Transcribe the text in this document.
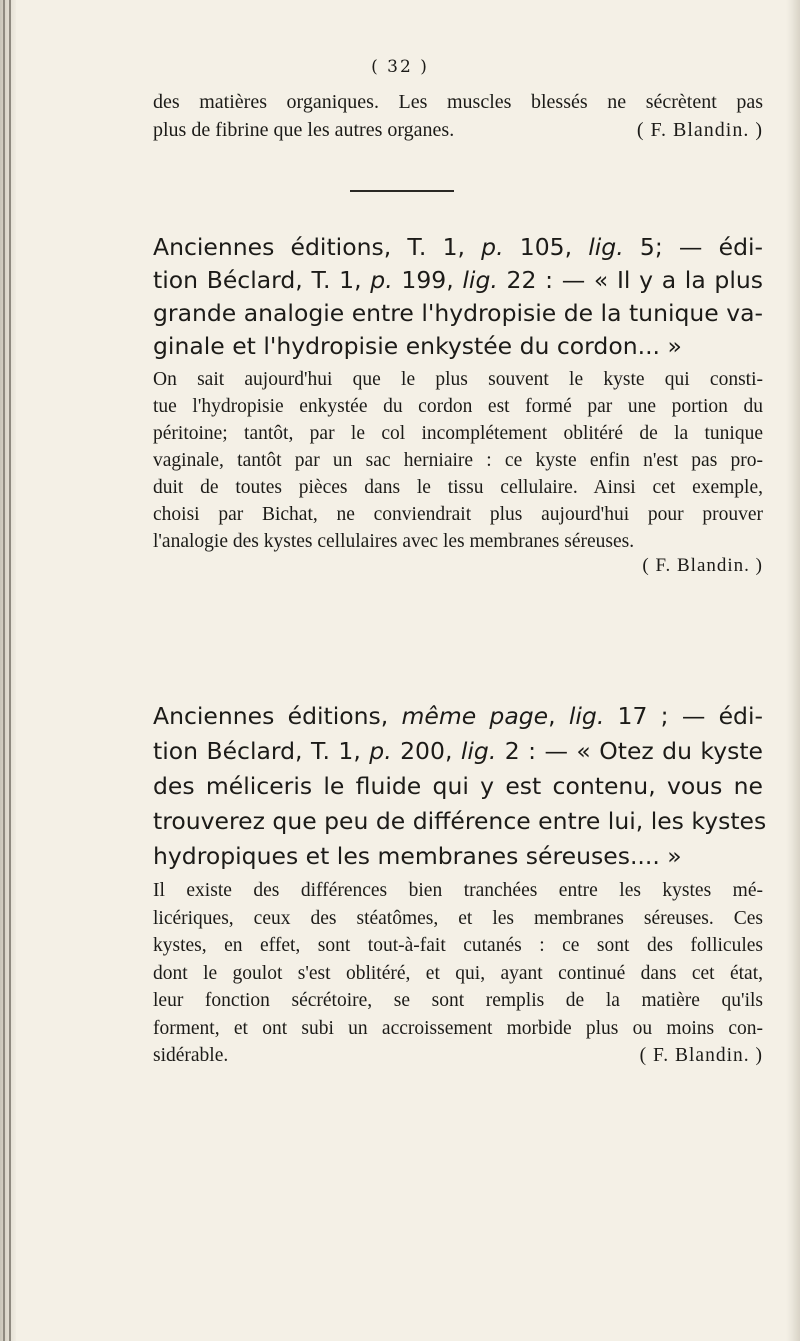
( 32 )

des matières organiques. Les muscles blessés ne sécrètent pas
plus de fibrine que les autres organes.	( F. Blandin. )

Anciennes éditions, T. 1, p. 105, lig. 5; — édi-
tion Béclard, T. 1, p. 199, lig. 22 : — « Il y a la plus
grande analogie entre l'hydropisie de la tunique va-
ginale et l'hydropisie enkystée du cordon... »

On sait aujourd'hui que le plus souvent le kyste qui consti-
tue l'hydropisie enkystée du cordon est formé par une portion du
péritoine; tantôt, par le col incomplétement oblitéré de la tunique
vaginale, tantôt par un sac herniaire : ce kyste enfin n'est pas pro-
duit de toutes pièces dans le tissu cellulaire. Ainsi cet exemple,
choisi par Bichat, ne conviendrait plus aujourd'hui pour prouver
l'analogie des kystes cellulaires avec les membranes séreuses.

( F. Blandin. )

Anciennes éditions, même page, lig. 17 ; — édi-
tion Béclard, T. 1, p. 200, lig. 2 : — « Otez du kyste
des méliceris le fluide qui y est contenu, vous ne
trouverez que peu de différence entre lui, les kystes
hydropiques et les membranes séreuses.... »

Il existe des différences bien tranchées entre les kystes mé-
licériques, ceux des stéatômes, et les membranes séreuses. Ces
kystes, en effet, sont tout-à-fait cutanés : ce sont des follicules
dont le goulot s'est oblitéré, et qui, ayant continué dans cet état,
leur fonction sécrétoire, se sont remplis de la matière qu'ils
forment, et ont subi un accroissement morbide plus ou moins con-
sidérable.	( F. Blandin. )
